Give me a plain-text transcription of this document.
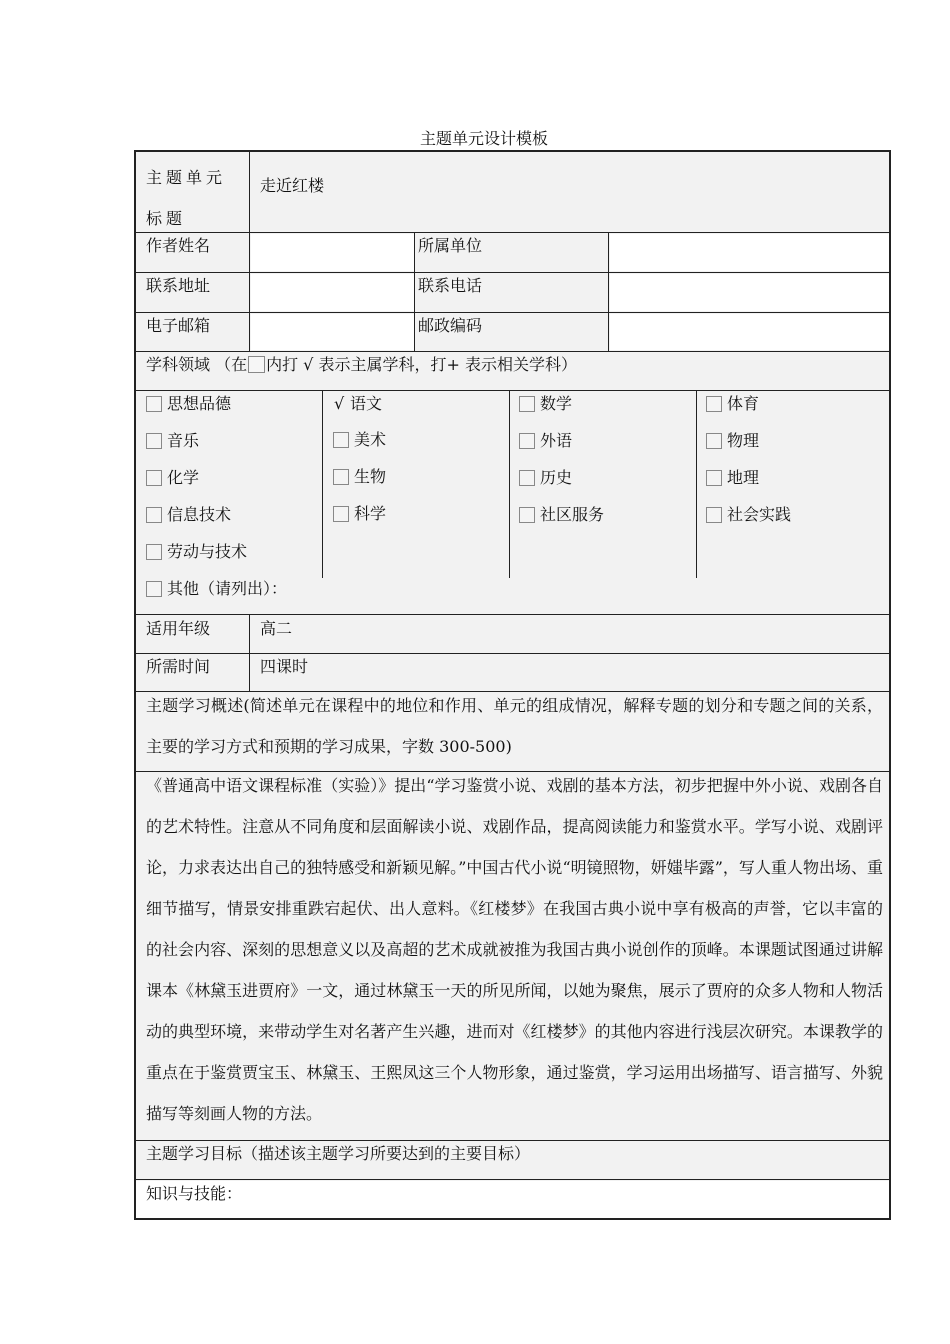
主题单元设计模板
主题单元标题
走近红楼
作者姓名	所属单位
联系地址	联系电话
电子邮箱	邮政编码
学科领域 （在 内打 √ 表示主属学科，打+ 表示相关学科）
思想品德
音乐
化学
信息技术
劳动与技术
√ 语文
美术
生物
科学
数学
外语
历史
社区服务
体育
物理
地理
社会实践
其他（请列出）：
适用年级	高二
所需时间	四课时
主题学习概述(简述单元在课程中的地位和作用、单元的组成情况，解释专题的划分和专题之间的关系，主要的学习方式和预期的学习成果，字数 300-500)
《普通高中语文课程标准（实验）》提出“学习鉴赏小说、戏剧的基本方法，初步把握中外小说、戏剧各自的艺术特性。注意从不同角度和层面解读小说、戏剧作品，提高阅读能力和鉴赏水平。学写小说、戏剧评论，力求表达出自己的独特感受和新颖见解。”中国古代小说“明镜照物，妍媸毕露”，写人重人物出场、重细节描写，情景安排重跌宕起伏、出人意料。《红楼梦》在我国古典小说中享有极高的声誉，它以丰富的的社会内容、深刻的思想意义以及高超的艺术成就被推为我国古典小说创作的顶峰。本课题试图通过讲解课本《林黛玉进贾府》一文，通过林黛玉一天的所见所闻，以她为聚焦，展示了贾府的众多人物和人物活动的典型环境，来带动学生对名著产生兴趣，进而对《红楼梦》的其他内容进行浅层次研究。本课教学的重点在于鉴赏贾宝玉、林黛玉、王熙凤这三个人物形象，通过鉴赏，学习运用出场描写、语言描写、外貌描写等刻画人物的方法。
主题学习目标（描述该主题学习所要达到的主要目标）
知识与技能：
